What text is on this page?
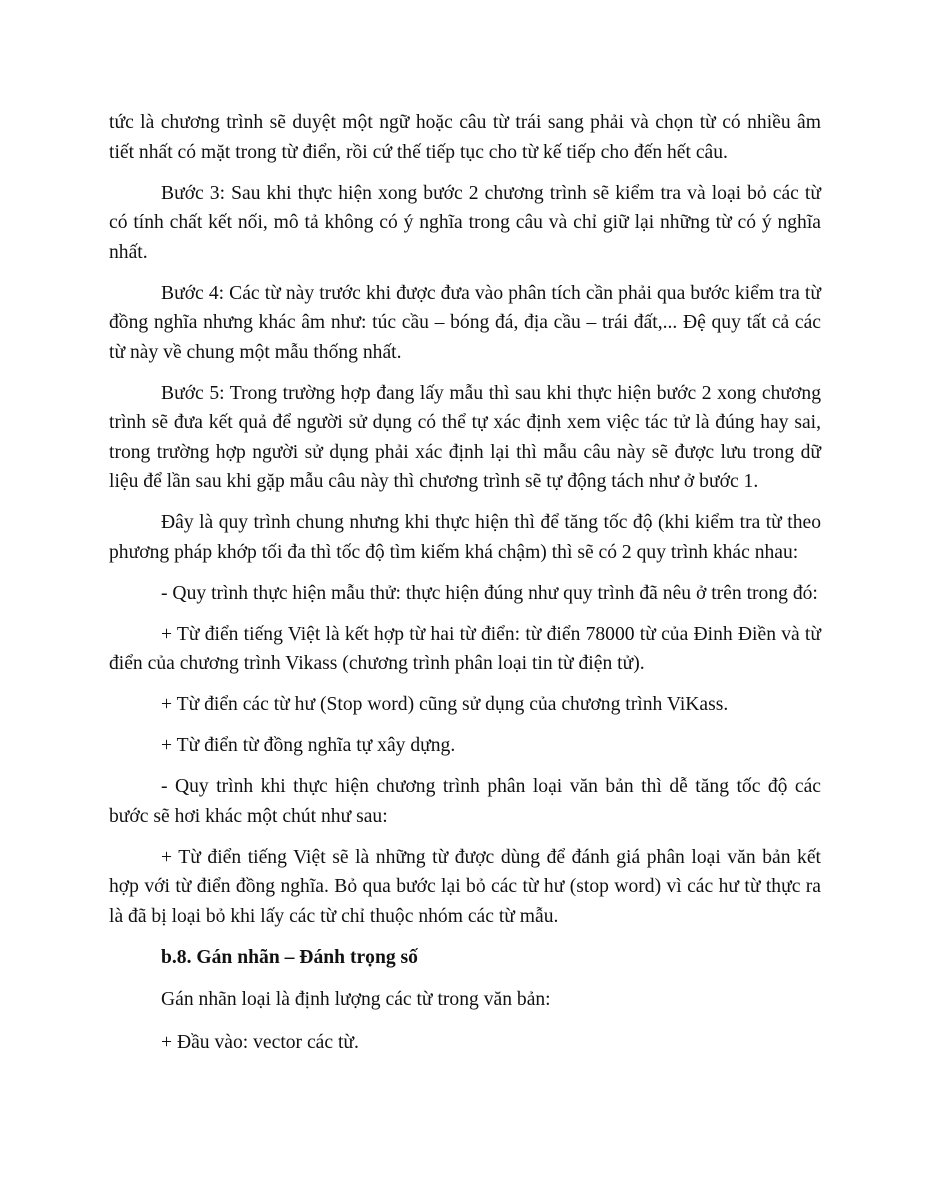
tức là chương trình sẽ duyệt một ngữ hoặc câu từ trái sang phải và chọn từ có nhiều âm tiết nhất có mặt trong từ điển, rồi cứ thế tiếp tục cho từ kế tiếp cho đến hết câu.

Bước 3: Sau khi thực hiện xong bước 2 chương trình sẽ kiểm tra và loại bỏ các từ có tính chất kết nối, mô tả không có ý nghĩa trong câu và chỉ giữ lại những từ có ý nghĩa nhất.

Bước 4: Các từ này trước khi được đưa vào phân tích cần phải qua bước kiểm tra từ đồng nghĩa nhưng khác âm như: túc cầu – bóng đá, địa cầu – trái đất,... Đệ quy tất cả các từ này về chung một mẫu thống nhất.

Bước 5: Trong trường hợp đang lấy mẫu thì sau khi thực hiện bước 2 xong chương trình sẽ đưa kết quả để người sử dụng có thể tự xác định xem việc tác tử là đúng hay sai, trong trường hợp người sử dụng phải xác định lại thì mẫu câu này sẽ được lưu trong dữ liệu để lần sau khi gặp mẫu câu này thì chương trình sẽ tự động tách như ở bước 1.

Đây là quy trình chung nhưng khi thực hiện thì để tăng tốc độ (khi kiểm tra từ theo phương pháp khớp tối đa thì tốc độ tìm kiếm khá chậm) thì sẽ có 2 quy trình khác nhau:

- Quy trình thực hiện mẫu thử: thực hiện đúng như quy trình đã nêu ở trên trong đó:

+ Từ điển tiếng Việt là kết hợp từ hai từ điển: từ điển 78000 từ của Đinh Điền và từ điển của chương trình Vikass (chương trình phân loại tin từ điện tử).

+ Từ điển các từ hư (Stop word) cũng sử dụng của chương trình ViKass.

+ Từ điển từ đồng nghĩa tự xây dựng.

- Quy trình khi thực hiện chương trình phân loại văn bản thì dễ tăng tốc độ các bước sẽ hơi khác một chút như sau:

+ Từ điển tiếng Việt sẽ là những từ được dùng để đánh giá phân loại văn bản kết hợp với từ điển đồng nghĩa. Bỏ qua bước lại bỏ các từ hư (stop word) vì các hư từ thực ra là đã bị loại bỏ khi lấy các từ chỉ thuộc nhóm các từ mẫu.

b.8. Gán nhãn – Đánh trọng số

Gán nhãn loại là định lượng các từ trong văn bản:

+ Đầu vào: vector các từ.
